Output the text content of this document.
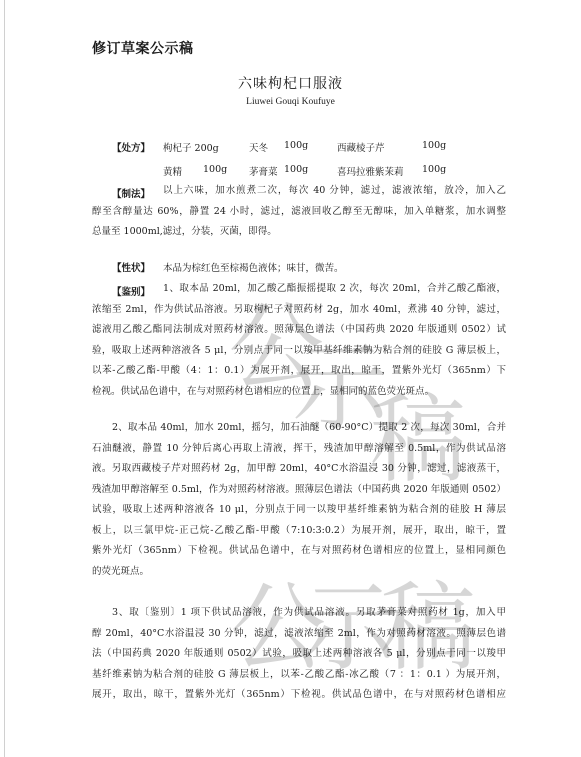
公
示
稿
公
示
稿
修订草案公示稿
六味枸杞口服液
Liuwei Gouqi Koufuye
【处方】 枸杞子 200g	天冬 100g	西藏棱子芹	100g
黄精 100g 茅膏菜 100g	喜玛拉雅紫茉莉 100g
【制法】	以上六味，加水煎煮二次，每次 40 分钟，滤过，滤液浓缩，放冷，加入乙
醇至含醇量达 60%，静置 24 小时，滤过，滤液回收乙醇至无醇味，加入单糖浆，加水调整
总量至 1000ml,滤过，分装，灭菌，即得。
【性状】 本品为棕红色至棕褐色液体；味甘，微苦。
【鉴别】	1、取本品 20ml，加乙酸乙酯振摇提取 2 次，每次 20ml，合并乙酸乙酯液，
浓缩至 2ml，作为供试品溶液。另取枸杞子对照药材 2g，加水 40ml，煮沸 40 分钟，滤过，
滤液用乙酸乙酯同法制成对照药材溶液。照薄层色谱法（中国药典 2020 年版通则 0502）试
验，吸取上述两种溶液各 5 μl，分别点于同一以羧甲基纤维素钠为粘合剂的硅胶 G 薄层板上，
以苯-乙酸乙酯-甲酸（4：1：0.1）为展开剂，展开，取出，晾干，置紫外光灯（365nm）下
检视。供试品色谱中，在与对照药材色谱相应的位置上，显相同的蓝色荧光斑点。
2、取本品 40ml，加水 20ml，摇匀，加石油醚（60-90°C）提取 2 次，每次 30ml，合并
石油醚液，静置 10 分钟后离心再取上清液，挥干，残渣加甲醇溶解至 0.5ml，作为供试品溶
液。另取西藏棱子芹对照药材 2g，加甲醇 20ml，40°C水浴温浸 30 分钟，滤过，滤液蒸干，
残渣加甲醇溶解至 0.5ml，作为对照药材溶液。照薄层色谱法（中国药典 2020 年版通则 0502）
试验，吸取上述两种溶液各 10 μl，分别点于同一以羧甲基纤维素钠为粘合剂的硅胶 H 薄层
板上，以三氯甲烷-正己烷-乙酸乙酯-甲酸（7:10:3:0.2）为展开剂，展开，取出，晾干，置
紫外光灯（365nm）下检视。供试品色谱中，在与对照药材色谱相应的位置上，显相同颜色
的荧光斑点。
3、取〔鉴别〕1 项下供试品溶液，作为供试品溶液。另取茅膏菜对照药材 1g，加入甲
醇 20ml，40°C水浴温浸 30 分钟，滤过，滤液浓缩至 2ml，作为对照药材溶液。照薄层色谱
法（中国药典 2020 年版通则 0502）试验，吸取上述两种溶液各 5 μl，分别点于同一以羧甲
基纤维素钠为粘合剂的硅胶 G 薄层板上，以苯-乙酸乙酯-冰乙酸（7 ：1：0.1 ）为展开剂，
展开，取出，晾干，置紫外光灯（365nm）下检视。供试品色谱中，在与对照药材色谱相应
